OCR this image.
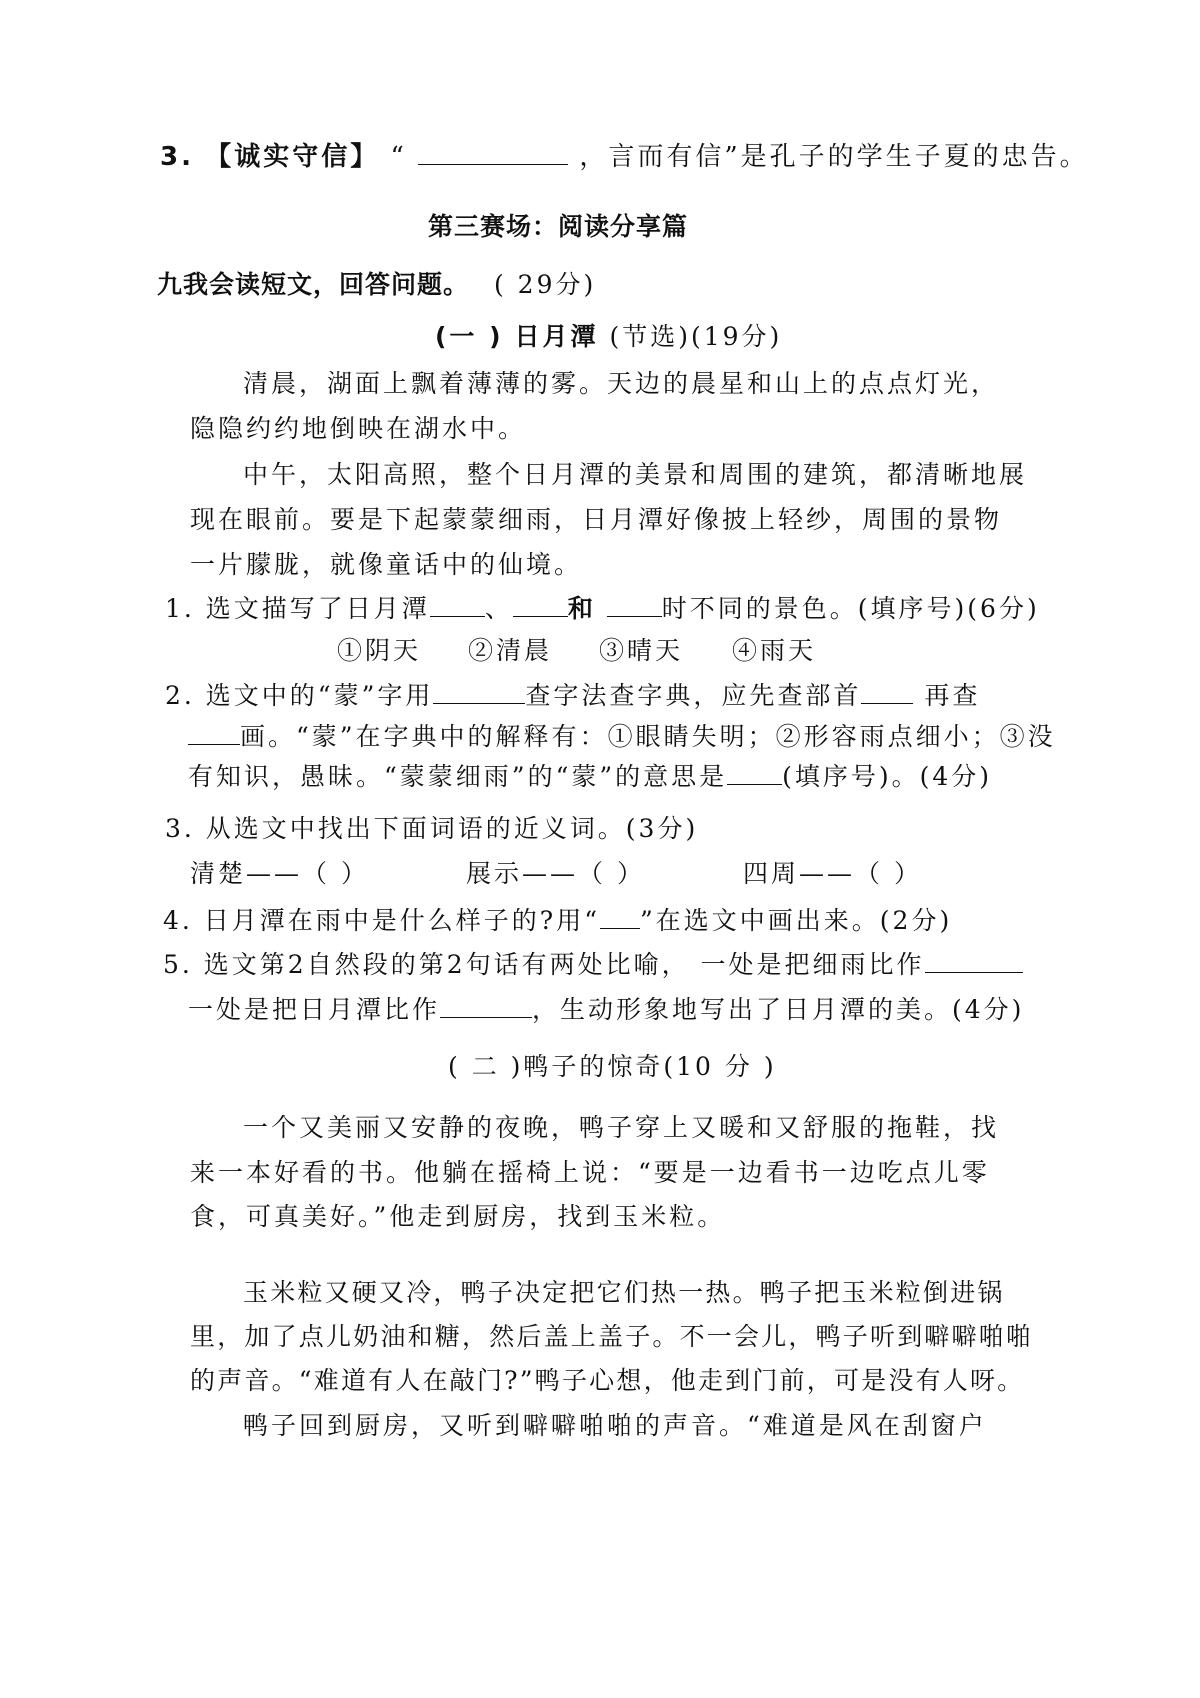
3. 【诚实守信】 “	，言而有信”是孔子的学生子夏的忠告。
第三赛场：阅读分享篇
九我会读短文，回答问题。 ( 29分)
(一 ) 日月潭 (节选)(19分)
清晨，湖面上飘着薄薄的雾。天边的晨星和山上的点点灯光，
隐隐约约地倒映在湖水中。
中午，太阳高照，整个日月潭的美景和周围的建筑，都清晰地展
现在眼前。要是下起蒙蒙细雨，日月潭好像披上轻纱，周围的景物
一片朦胧，就像童话中的仙境。
1. 选文描写了日月潭 、 和	时不同的景色。(填序号)(6分)
①阴天 ②清晨 ③晴天 ④雨天
2. 选文中的“蒙”字用	查字法查字典，应先查部首	再查
画。“蒙”在字典中的解释有：①眼睛失明；②形容雨点细小；③没
有知识，愚昧。“蒙蒙细雨”的“蒙”的意思是 (填序号)。(4分)
3. 从选文中找出下面词语的近义词。(3分)
清楚——（ ）	展示——（ ）	四周——（ ）
4. 日月潭在雨中是什么样子的?用“ ”在选文中画出来。(2分)
5. 选文第2自然段的第2句话有两处比喻， 一处是把细雨比作
一处是把日月潭比作	，生动形象地写出了日月潭的美。(4分)
( 二 )鸭子的惊奇(10 分 )
一个又美丽又安静的夜晚，鸭子穿上又暖和又舒服的拖鞋，找
来一本好看的书。他躺在摇椅上说：“要是一边看书一边吃点儿零
食，可真美好。”他走到厨房，找到玉米粒。
玉米粒又硬又冷，鸭子决定把它们热一热。鸭子把玉米粒倒进锅
里，加了点儿奶油和糖，然后盖上盖子。不一会儿，鸭子听到噼噼啪啪
的声音。“难道有人在敲门?”鸭子心想，他走到门前，可是没有人呀。
鸭子回到厨房，又听到噼噼啪啪的声音。“难道是风在刮窗户
